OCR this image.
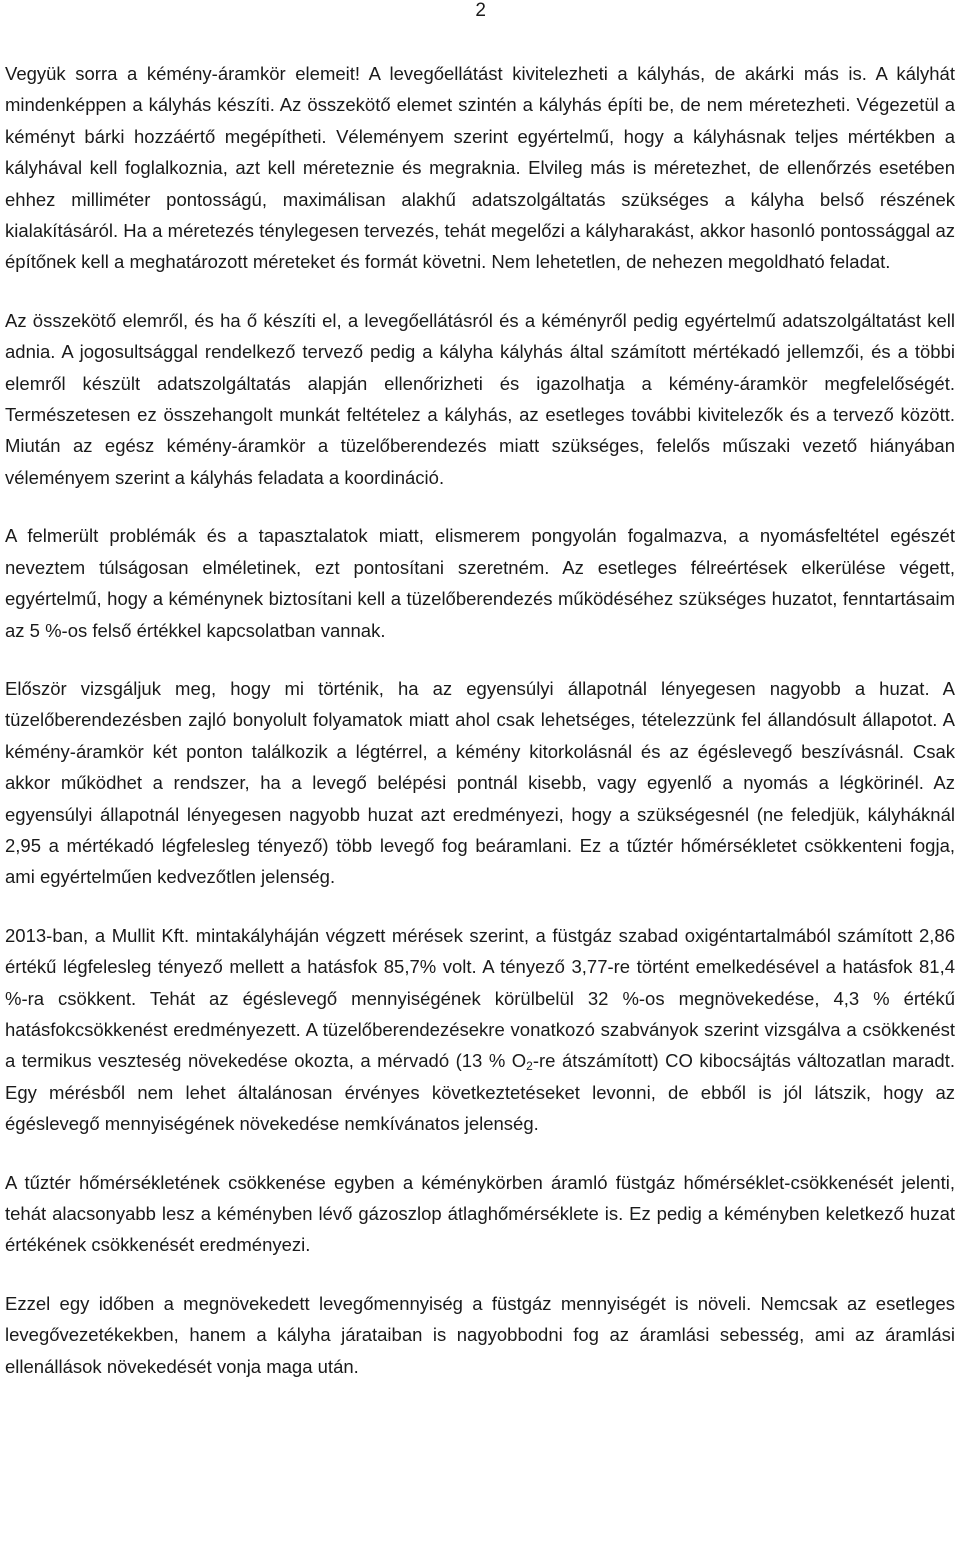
2

Vegyük sorra a kémény-áramkör elemeit! A levegőellátást kivitelezheti a kályhás, de akárki más is. A kályhát mindenképpen a kályhás készíti. Az összekötő elemet szintén a kályhás építi be, de nem méretezheti. Végezetül a kéményt bárki hozzáértő megépítheti. Véleményem szerint egyértelmű, hogy a kályhásnak teljes mértékben a kályhával kell foglalkoznia, azt kell méreteznie és megraknia. Elvileg más is méretezhet, de ellenőrzés esetében ehhez milliméter pontosságú, maximálisan alakhű adatszolgáltatás szükséges a kályha belső részének kialakításáról. Ha a méretezés ténylegesen tervezés, tehát megelőzi a kályharakást, akkor hasonló pontossággal az építőnek kell a meghatározott méreteket és formát követni. Nem lehetetlen, de nehezen megoldható feladat.

Az összekötő elemről, és ha ő készíti el, a levegőellátásról és a kéményről pedig egyértelmű adatszolgáltatást kell adnia. A jogosultsággal rendelkező tervező pedig a kályha kályhás által számított mértékadó jellemzői, és a többi elemről készült adatszolgáltatás alapján ellenőrizheti és igazolhatja a kémény-áramkör megfelelőségét. Természetesen ez összehangolt munkát feltételez a kályhás, az esetleges további kivitelezők és a tervező között. Miután az egész kémény-áramkör a tüzelőberendezés miatt szükséges, felelős műszaki vezető hiányában véleményem szerint a kályhás feladata a koordináció.

A felmerült problémák és a tapasztalatok miatt, elismerem pongyolán fogalmazva, a nyomásfeltétel egészét neveztem túlságosan elméletinek, ezt pontosítani szeretném. Az esetleges félreértések elkerülése végett, egyértelmű, hogy a kéménynek biztosítani kell a tüzelőberendezés működéséhez szükséges huzatot, fenntartásaim az 5 %-os felső értékkel kapcsolatban vannak.

Először vizsgáljuk meg, hogy mi történik, ha az egyensúlyi állapotnál lényegesen nagyobb a huzat. A tüzelőberendezésben zajló bonyolult folyamatok miatt ahol csak lehetséges, tételezzünk fel állandósult állapotot. A kémény-áramkör két ponton találkozik a légtérrel, a kémény kitorkolásnál és az égéslevegő beszívásnál. Csak akkor működhet a rendszer, ha a levegő belépési pontnál kisebb, vagy egyenlő a nyomás a légkörinél. Az egyensúlyi állapotnál lényegesen nagyobb huzat azt eredményezi, hogy a szükségesnél (ne feledjük, kályháknál 2,95 a mértékadó légfelesleg tényező) több levegő fog beáramlani. Ez a tűztér hőmérsékletet csökkenteni fogja, ami egyértelműen kedvezőtlen jelenség.

2013-ban, a Mullit Kft. mintakályháján végzett mérések szerint, a füstgáz szabad oxigéntartalmából számított 2,86 értékű légfelesleg tényező mellett a hatásfok 85,7% volt. A tényező 3,77-re történt emelkedésével a hatásfok 81,4 %-ra csökkent. Tehát az égéslevegő mennyiségének körülbelül 32 %-os megnövekedése, 4,3 % értékű hatásfokcsökkenést eredményezett. A tüzelőberendezésekre vonatkozó szabványok szerint vizsgálva a csökkenést a termikus veszteség növekedése okozta, a mérvadó (13 % $O_2-re$ átszámított) CO kibocsájtás változatlan maradt. Egy mérésből nem lehet általánosan érvényes következtetéseket levonni, de ebből is jól látszik, hogy az égéslevegő mennyiségének növekedése nemkívánatos jelenség.

A tűztér hőmérsékletének csökkenése egyben a kéménykörben áramló füstgáz hőmérséklet-csökkenését jelenti, tehát alacsonyabb lesz a kéményben lévő gázoszlop átlaghőmérséklete is. Ez pedig a kéményben keletkező huzat értékének csökkenését eredményezi.

Ezzel egy időben a megnövekedett levegőmennyiség a füstgáz mennyiségét is növeli. Nemcsak az esetleges levegővezetékekben, hanem a kályha járataiban is nagyobbodni fog az áramlási sebesség, ami az áramlási ellenállások növekedését vonja maga után.
